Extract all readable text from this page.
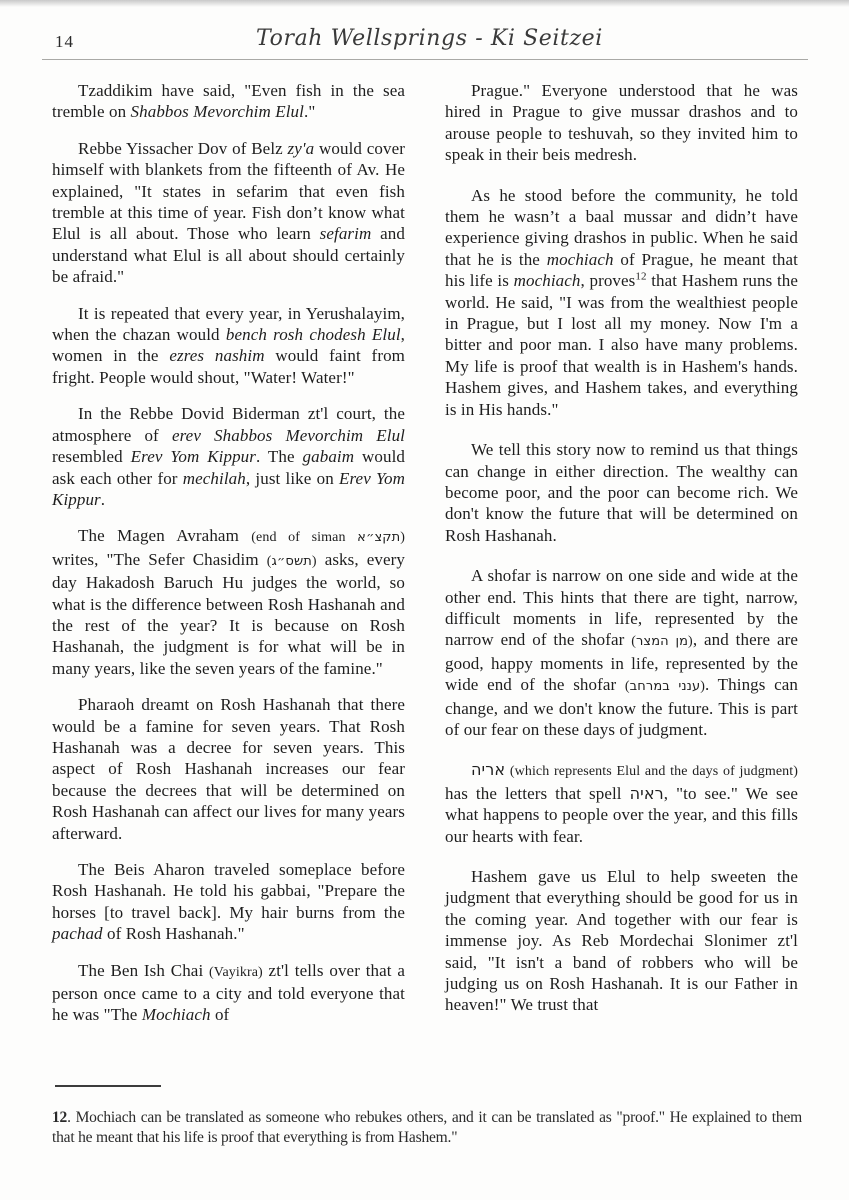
14	Torah Wellsprings - Ki Seitzei

Tzaddikim have said, "Even fish in the sea tremble on Shabbos Mevorchim Elul."

Rebbe Yissacher Dov of Belz zy'a would cover himself with blankets from the fifteenth of Av. He explained, "It states in sefarim that even fish tremble at this time of year. Fish don’t know what Elul is all about. Those who learn sefarim and understand what Elul is all about should certainly be afraid."

It is repeated that every year, in Yerushalayim, when the chazan would bench rosh chodesh Elul, women in the ezres nashim would faint from fright. People would shout, "Water! Water!"

In the Rebbe Dovid Biderman zt'l court, the atmosphere of erev Shabbos Mevorchim Elul resembled Erev Yom Kippur. The gabaim would ask each other for mechilah, just like on Erev Yom Kippur.

The Magen Avraham (end of siman תקצ״א) writes, "The Sefer Chasidim (תשס״ג) asks, every day Hakadosh Baruch Hu judges the world, so what is the difference between Rosh Hashanah and the rest of the year? It is because on Rosh Hashanah, the judgment is for what will be in many years, like the seven years of the famine."

Pharaoh dreamt on Rosh Hashanah that there would be a famine for seven years. That Rosh Hashanah was a decree for seven years. This aspect of Rosh Hashanah increases our fear because the decrees that will be determined on Rosh Hashanah can affect our lives for many years afterward.

The Beis Aharon traveled someplace before Rosh Hashanah. He told his gabbai, "Prepare the horses [to travel back]. My hair burns from the pachad of Rosh Hashanah."

The Ben Ish Chai (Vayikra) zt'l tells over that a person once came to a city and told everyone that he was "The Mochiach of

Prague." Everyone understood that he was hired in Prague to give mussar drashos and to arouse people to teshuvah, so they invited him to speak in their beis medresh.

As he stood before the community, he told them he wasn’t a baal mussar and didn’t have experience giving drashos in public. When he said that he is the mochiach of Prague, he meant that his life is mochiach, proves$^{12}$ that Hashem runs the world. He said, "I was from the wealthiest people in Prague, but I lost all my money. Now I'm a bitter and poor man. I also have many problems. My life is proof that wealth is in Hashem's hands. Hashem gives, and Hashem takes, and everything is in His hands."

We tell this story now to remind us that things can change in either direction. The wealthy can become poor, and the poor can become rich. We don't know the future that will be determined on Rosh Hashanah.

A shofar is narrow on one side and wide at the other end. This hints that there are tight, narrow, difficult moments in life, represented by the narrow end of the shofar (מן המצר), and there are good, happy moments in life, represented by the wide end of the shofar (ענני במרחב). Things can change, and we don't know the future. This is part of our fear on these days of judgment.

אריה (which represents Elul and the days of judgment) has the letters that spell ראיה, "to see." We see what happens to people over the year, and this fills our hearts with fear.

Hashem gave us Elul to help sweeten the judgment that everything should be good for us in the coming year. And together with our fear is immense joy. As Reb Mordechai Slonimer zt'l said, "It isn't a band of robbers who will be judging us on Rosh Hashanah. It is our Father in heaven!" We trust that

12. Mochiach can be translated as someone who rebukes others, and it can be translated as "proof." He explained to them that he meant that his life is proof that everything is from Hashem."
